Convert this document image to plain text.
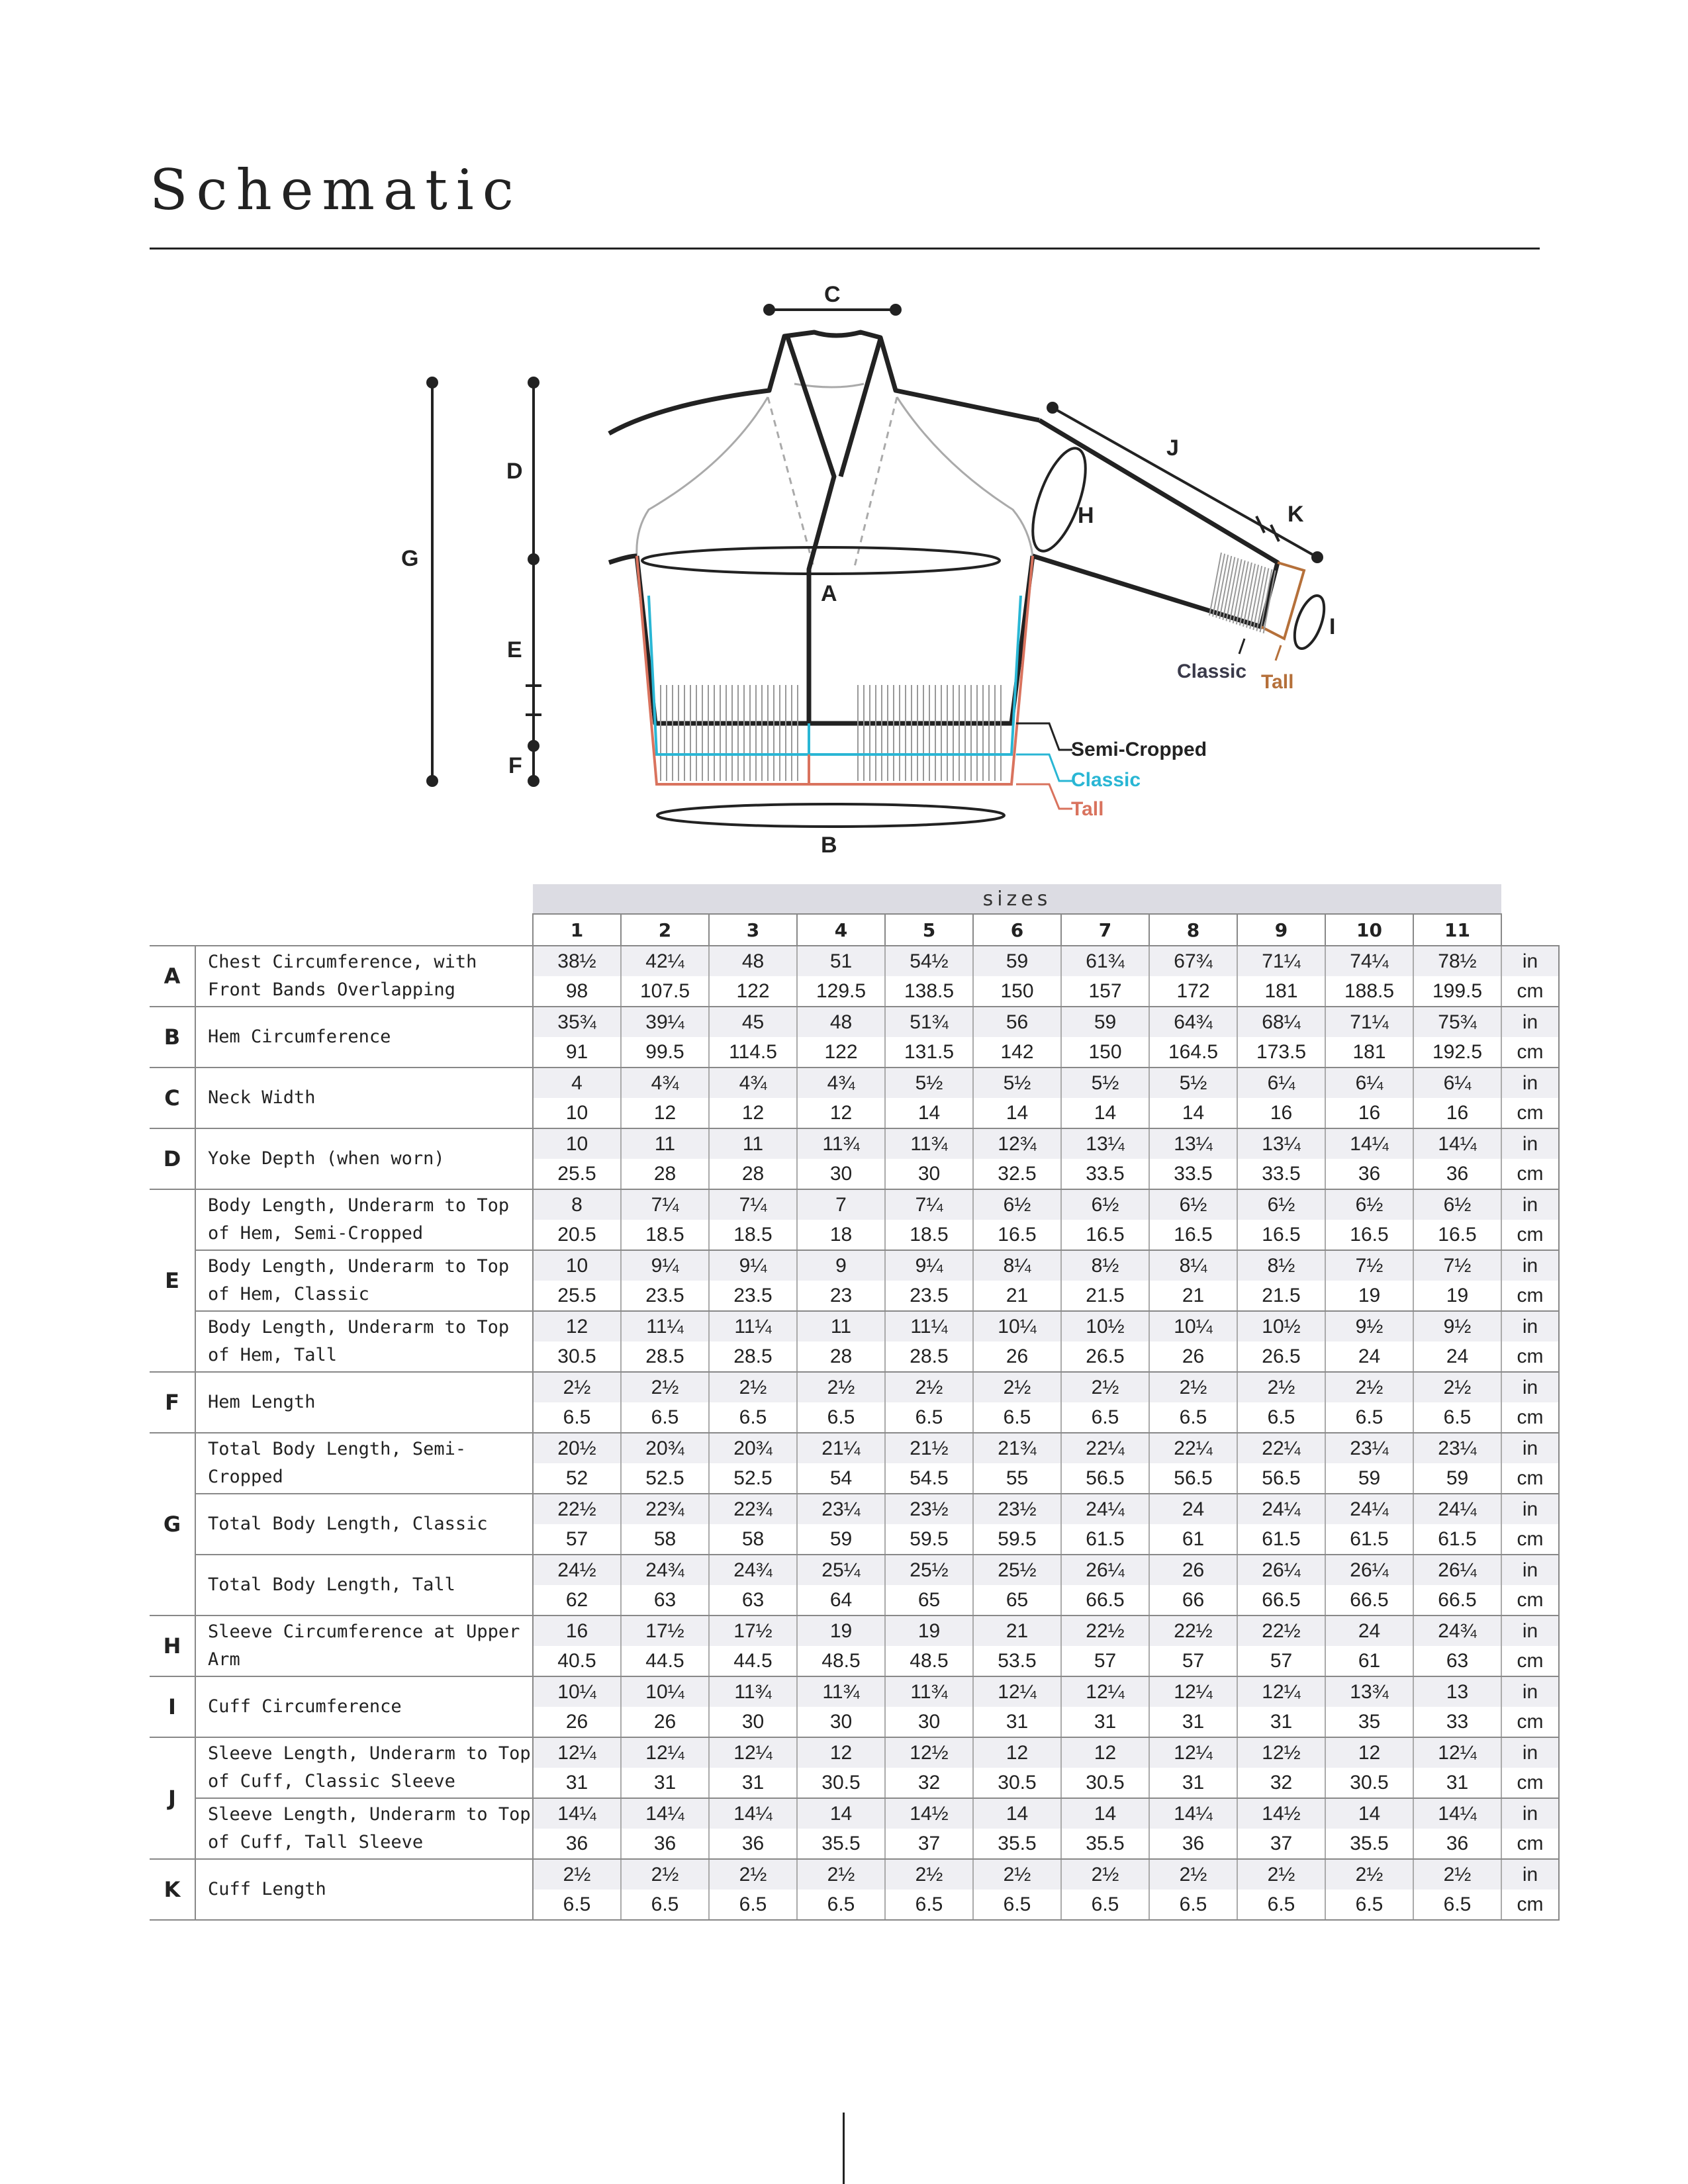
Schematic
C
D
G
E
F
A
B
H
J
K
I
Classic Tall
Semi-Cropped
Classic
Tall
		sizes											
		1	2	3	4	5	6	7	8	9	10	11	
A	Chest Circumference, with Front Bands Overlapping	38½	42¼	48	51	54½	59	61¾	67¾	71¼	74¼	78½	in
		98	107.5	122	129.5	138.5	150	157	172	181	188.5	199.5	cm
B	Hem Circumference	35¾	39¼	45	48	51¾	56	59	64¾	68¼	71¼	75¾	in
		91	99.5	114.5	122	131.5	142	150	164.5	173.5	181	192.5	cm
C	Neck Width	4	4¾	4¾	4¾	5½	5½	5½	5½	6¼	6¼	6¼	in
		10	12	12	12	14	14	14	14	16	16	16	cm
D	Yoke Depth (when worn)	10	11	11	11¾	11¾	12¾	13¼	13¼	13¼	14¼	14¼	in
		25.5	28	28	30	30	32.5	33.5	33.5	33.5	36	36	cm
E	Body Length, Underarm to Top of Hem, Semi-Cropped	8	7¼	7¼	7	7¼	6½	6½	6½	6½	6½	6½	in
		20.5	18.5	18.5	18	18.5	16.5	16.5	16.5	16.5	16.5	16.5	cm
	Body Length, Underarm to Top of Hem, Classic	10	9¼	9¼	9	9¼	8¼	8½	8¼	8½	7½	7½	in
		25.5	23.5	23.5	23	23.5	21	21.5	21	21.5	19	19	cm
	Body Length, Underarm to Top of Hem, Tall	12	11¼	11¼	11	11¼	10¼	10½	10¼	10½	9½	9½	in
		30.5	28.5	28.5	28	28.5	26	26.5	26	26.5	24	24	cm
F	Hem Length	2½	2½	2½	2½	2½	2½	2½	2½	2½	2½	2½	in
		6.5	6.5	6.5	6.5	6.5	6.5	6.5	6.5	6.5	6.5	6.5	cm
G	Total Body Length, Semi-Cropped	20½	20¾	20¾	21¼	21½	21¾	22¼	22¼	22¼	23¼	23¼	in
		52	52.5	52.5	54	54.5	55	56.5	56.5	56.5	59	59	cm
	Total Body Length, Classic	22½	22¾	22¾	23¼	23½	23½	24¼	24	24¼	24¼	24¼	in
		57	58	58	59	59.5	59.5	61.5	61	61.5	61.5	61.5	cm
	Total Body Length, Tall	24½	24¾	24¾	25¼	25½	25½	26¼	26	26¼	26¼	26¼	in
		62	63	63	64	65	65	66.5	66	66.5	66.5	66.5	cm
H	Sleeve Circumference at Upper Arm	16	17½	17½	19	19	21	22½	22½	22½	24	24¾	in
		40.5	44.5	44.5	48.5	48.5	53.5	57	57	57	61	63	cm
I	Cuff Circumference	10¼	10¼	11¾	11¾	11¾	12¼	12¼	12¼	12¼	13¾	13	in
		26	26	30	30	30	31	31	31	31	35	33	cm
J	Sleeve Length, Underarm to Top of Cuff, Classic Sleeve	12¼	12¼	12¼	12	12½	12	12	12¼	12½	12	12¼	in
		31	31	31	30.5	32	30.5	30.5	31	32	30.5	31	cm
	Sleeve Length, Underarm to Top of Cuff, Tall Sleeve	14¼	14¼	14¼	14	14½	14	14	14¼	14½	14	14¼	in
		36	36	36	35.5	37	35.5	35.5	36	37	35.5	36	cm
K	Cuff Length	2½	2½	2½	2½	2½	2½	2½	2½	2½	2½	2½	in
		6.5	6.5	6.5	6.5	6.5	6.5	6.5	6.5	6.5	6.5	6.5	cm
